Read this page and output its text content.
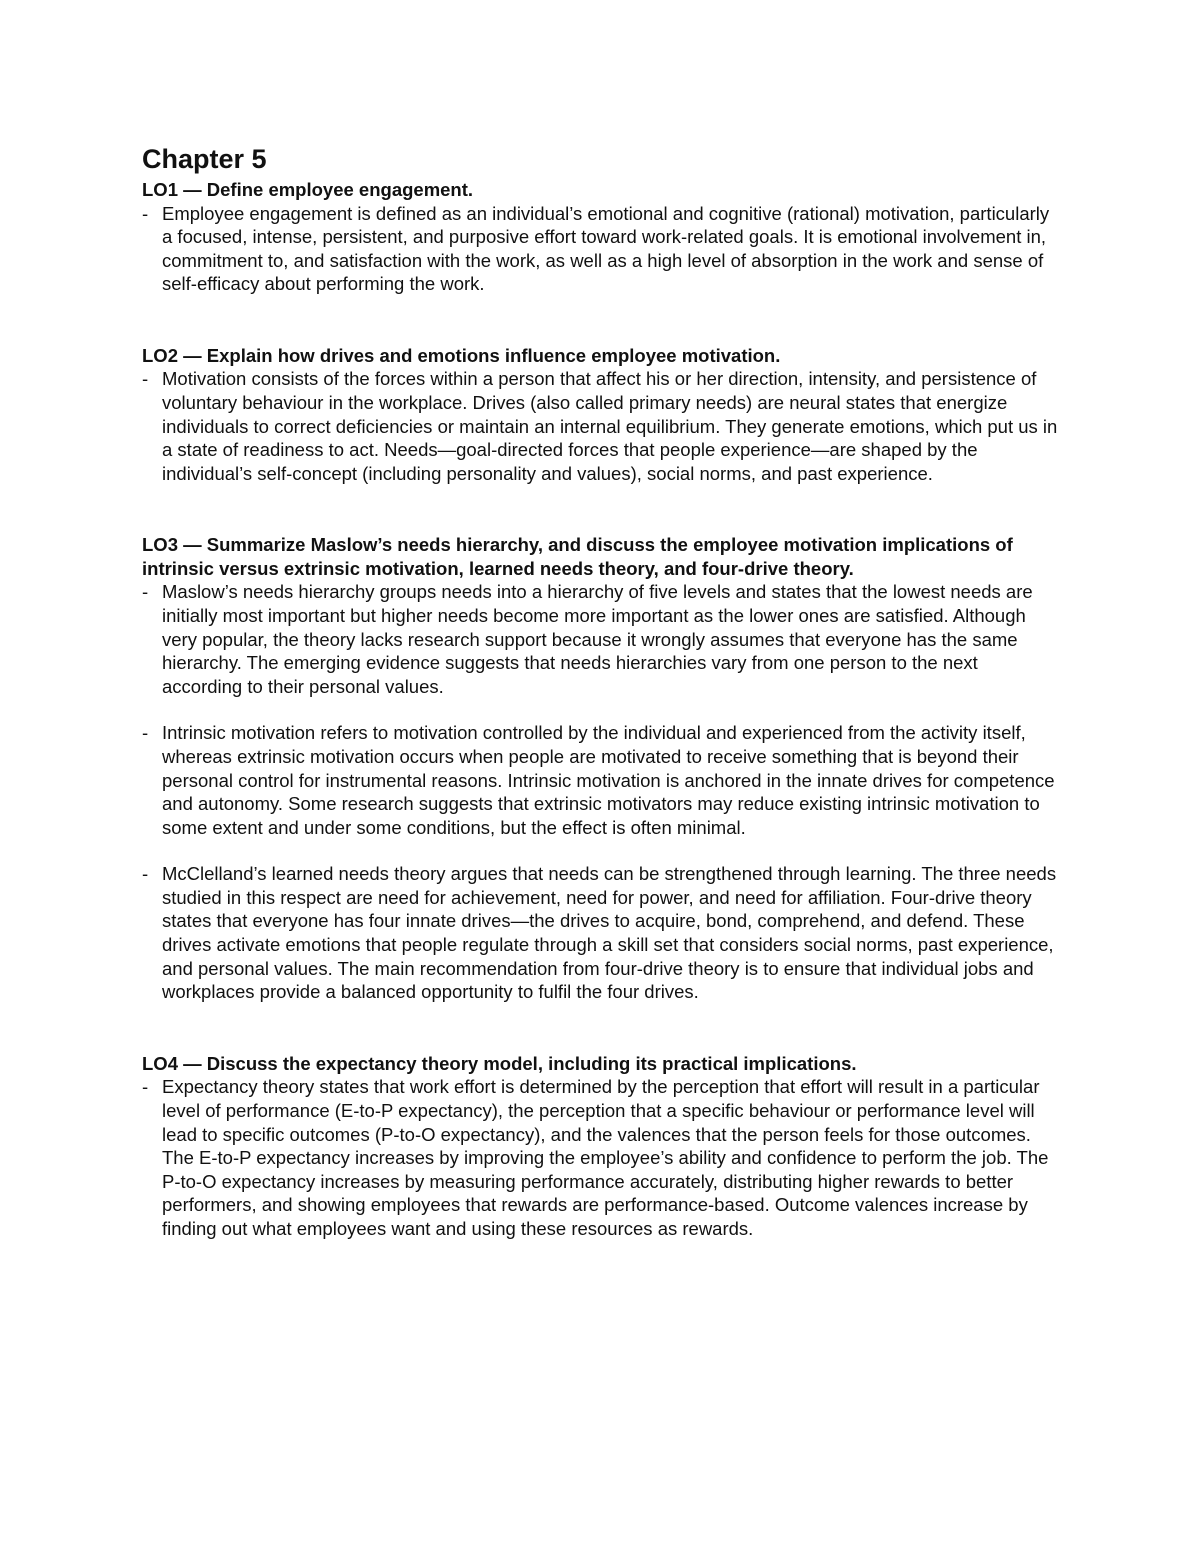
Chapter 5

LO1 — Define employee engagement.

- Employee engagement is defined as an individual’s emotional and cognitive (rational) motivation, particularly a focused, intense, persistent, and purposive effort toward work-related goals. It is emotional involvement in, commitment to, and satisfaction with the work, as well as a high level of absorption in the work and sense of self-efficacy about performing the work.

LO2 — Explain how drives and emotions influence employee motivation.

- Motivation consists of the forces within a person that affect his or her direction, intensity, and persistence of voluntary behaviour in the workplace. Drives (also called primary needs) are neural states that energize individuals to correct deficiencies or maintain an internal equilibrium. They generate emotions, which put us in a state of readiness to act. Needs—goal-directed forces that people experience—are shaped by the individual’s self-concept (including personality and values), social norms, and past experience.

LO3 — Summarize Maslow’s needs hierarchy, and discuss the employee motivation implications of intrinsic versus extrinsic motivation, learned needs theory, and four-drive theory.

- Maslow’s needs hierarchy groups needs into a hierarchy of five levels and states that the lowest needs are initially most important but higher needs become more important as the lower ones are satisfied. Although very popular, the theory lacks research support because it wrongly assumes that everyone has the same hierarchy. The emerging evidence suggests that needs hierarchies vary from one person to the next according to their personal values.
- Intrinsic motivation refers to motivation controlled by the individual and experienced from the activity itself, whereas extrinsic motivation occurs when people are motivated to receive something that is beyond their personal control for instrumental reasons. Intrinsic motivation is anchored in the innate drives for competence and autonomy. Some research suggests that extrinsic motivators may reduce existing intrinsic motivation to some extent and under some conditions, but the effect is often minimal.
- McClelland’s learned needs theory argues that needs can be strengthened through learning. The three needs studied in this respect are need for achievement, need for power, and need for affiliation. Four-drive theory states that everyone has four innate drives—the drives to acquire, bond, comprehend, and defend. These drives activate emotions that people regulate through a skill set that considers social norms, past experience, and personal values. The main recommendation from four-drive theory is to ensure that individual jobs and workplaces provide a balanced opportunity to fulfil the four drives.

LO4 — Discuss the expectancy theory model, including its practical implications.

- Expectancy theory states that work effort is determined by the perception that effort will result in a particular level of performance (E-to-P expectancy), the perception that a specific behaviour or performance level will lead to specific outcomes (P-to-O expectancy), and the valences that the person feels for those outcomes. The E-to-P expectancy increases by improving the employee’s ability and confidence to perform the job. The P-to-O expectancy increases by measuring performance accurately, distributing higher rewards to better performers, and showing employees that rewards are performance-based. Outcome valences increase by finding out what employees want and using these resources as rewards.
